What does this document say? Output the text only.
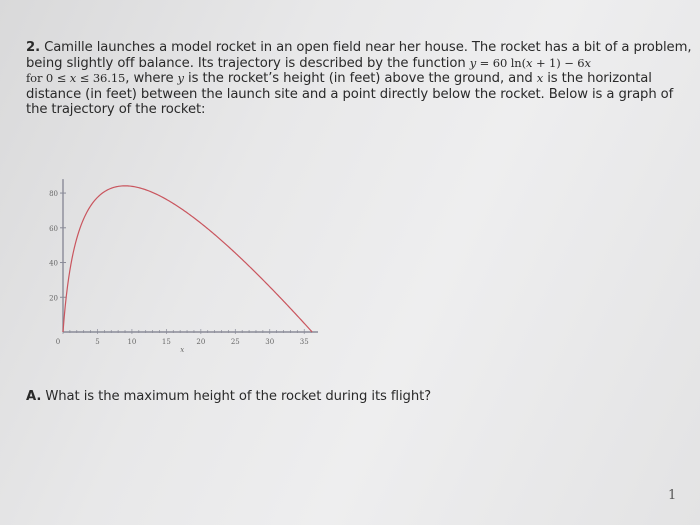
2. Camille launches a model rocket in an open field near her house. The rocket has a bit of a problem, being slightly off balance. Its trajectory is described by the function y = 60 ln(x + 1) − 6x
for 0 ≤ x ≤ 36.15, where y is the rocket’s height (in feet) above the ground, and x is the horizontal distance (in feet) between the launch site and a point directly below the rocket. Below is a graph of the trajectory of the rocket:
20
40
60
80
0	5	10	15	20	25	30	35
x
A. What is the maximum height of the rocket during its flight?
1
